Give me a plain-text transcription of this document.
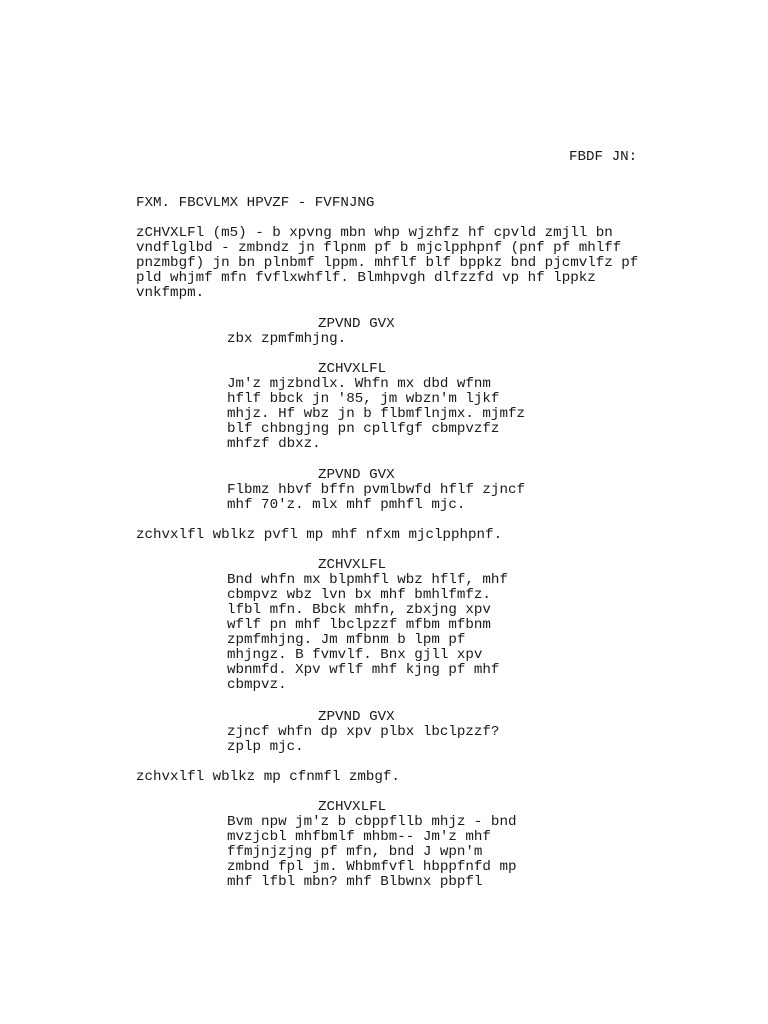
FBDF JN:
FXM. FBCVLMX HPVZF - FVFNJNG
zCHVXLFl (m5) - b xpvng mbn whp wjzhfz hf cpvld zmjll bn
vndflglbd - zmbndz jn flpnm pf b mjclpphpnf (pnf pf mhlff
pnzmbgf) jn bn plnbmf lppm. mhflf blf bppkz bnd pjcmvlfz pf
pld whjmf mfn fvflxwhflf. Blmhpvgh dlfzzfd vp hf lppkz
vnkfmpm.
ZPVND GVX
zbx zpmfmhjng.
ZCHVXLFL
Jm'z mjzbndlx. Whfn mx dbd wfnm
hflf bbck jn '85, jm wbzn'm ljkf
mhjz. Hf wbz jn b flbmflnjmx. mjmfz
blf chbngjng pn cpllfgf cbmpvzfz
mhfzf dbxz.
ZPVND GVX
Flbmz hbvf bffn pvmlbwfd hflf zjncf
mhf 70'z. mlx mhf pmhfl mjc.
zchvxlfl wblkz pvfl mp mhf nfxm mjclpphpnf.
ZCHVXLFL
Bnd whfn mx blpmhfl wbz hflf, mhf
cbmpvz wbz lvn bx mhf bmhlfmfz.
lfbl mfn. Bbck mhfn, zbxjng xpv
wflf pn mhf lbclpzzf mfbm mfbnm
zpmfmhjng. Jm mfbnm b lpm pf
mhjngz. B fvmvlf. Bnx gjll xpv
wbnmfd. Xpv wflf mhf kjng pf mhf
cbmpvz.
ZPVND GVX
zjncf whfn dp xpv plbx lbclpzzf?
zplp mjc.
zchvxlfl wblkz mp cfnmfl zmbgf.
ZCHVXLFL
Bvm npw jm'z b cbppfllb mhjz - bnd
mvzjcbl mhfbmlf mhbm-- Jm'z mhf
ffmjnjzjng pf mfn, bnd J wpn'm
zmbnd fpl jm. Whbmfvfl hbppfnfd mp
mhf lfbl mbn? mhf Blbwnx pbpfl
